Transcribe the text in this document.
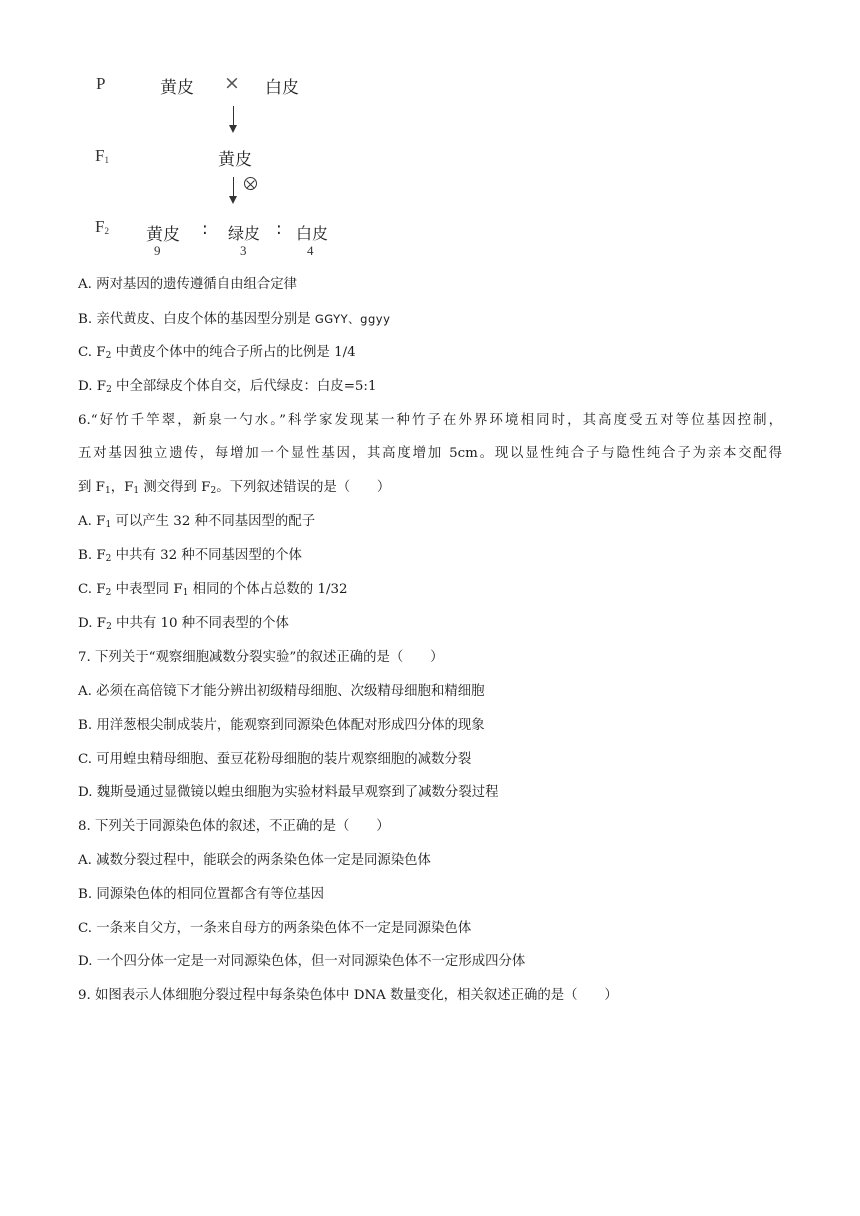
P	黄皮 × 白皮
$F_1$	黄皮
$F_2$ 黄皮 : 绿皮 : 白皮
9	3	4
A. 两对基因的遗传遵循自由组合定律
B. 亲代黄皮、白皮个体的基因型分别是 GGYY、ggyy
C. $F_2$ 中黄皮个体中的纯合子所占的比例是 1/4
D. $F_2$ 中全部绿皮个体自交，后代绿皮：白皮=5:1
6.“好竹千竿翠，新泉一勺水。”科学家发现某一种竹子在外界环境相同时，其高度受五对等位基因控制，
五对基因独立遗传，每增加一个显性基因，其高度增加 5cm。现以显性纯合子与隐性纯合子为亲本交配得
到 $F_1$，$F_1$ 测交得到 $F_2$。下列叙述错误的是（　　）
A. $F_1$ 可以产生 32 种不同基因型的配子
B. $F_2$ 中共有 32 种不同基因型的个体
C. $F_2$ 中表型同 $F_1$ 相同的个体占总数的 1/32
D. $F_2$ 中共有 10 种不同表型的个体
7. 下列关于“观察细胞减数分裂实验”的叙述正确的是（　　）
A. 必须在高倍镜下才能分辨出初级精母细胞、次级精母细胞和精细胞
B. 用洋葱根尖制成装片，能观察到同源染色体配对形成四分体的现象
C. 可用蝗虫精母细胞、蚕豆花粉母细胞的装片观察细胞的减数分裂
D. 魏斯曼通过显微镜以蝗虫细胞为实验材料最早观察到了减数分裂过程
8. 下列关于同源染色体的叙述，不正确的是（　　）
A. 减数分裂过程中，能联会的两条染色体一定是同源染色体
B. 同源染色体的相同位置都含有等位基因
C. 一条来自父方，一条来自母方的两条染色体不一定是同源染色体
D. 一个四分体一定是一对同源染色体，但一对同源染色体不一定形成四分体
9. 如图表示人体细胞分裂过程中每条染色体中 DNA 数量变化，相关叙述正确的是（　　）
